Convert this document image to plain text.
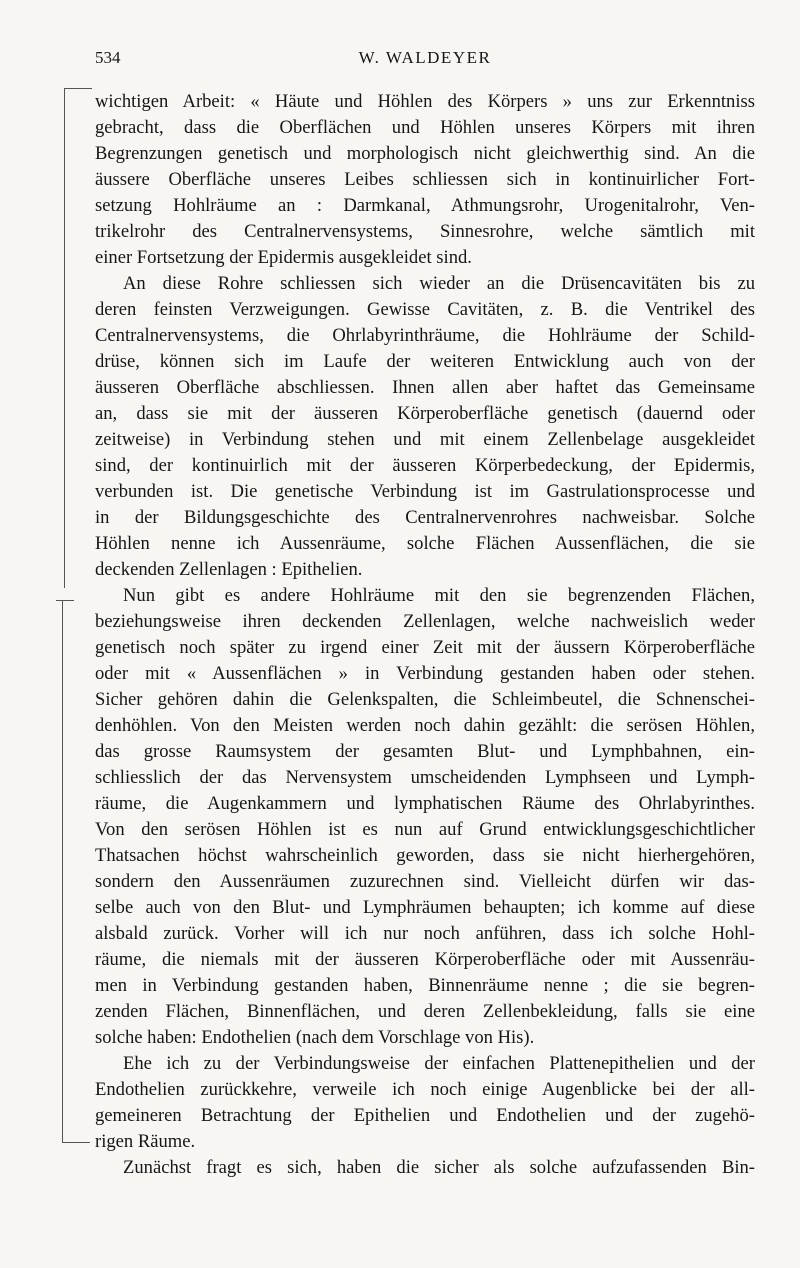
534	W. WALDEYER
wichtigen Arbeit: « Häute und Höhlen des Körpers » uns zur Erkenntniss
gebracht, dass die Oberflächen und Höhlen unseres Körpers mit ihren
Begrenzungen genetisch und morphologisch nicht gleichwerthig sind. An die
äussere Oberfläche unseres Leibes schliessen sich in kontinuirlicher Fort-
setzung Hohlräume an : Darmkanal, Athmungsrohr, Urogenitalrohr, Ven-
trikelrohr des Centralnervensystems, Sinnesrohre, welche sämtlich mit
einer Fortsetzung der Epidermis ausgekleidet sind.
An diese Rohre schliessen sich wieder an die Drüsencavitäten bis zu
deren feinsten Verzweigungen. Gewisse Cavitäten, z. B. die Ventrikel des
Centralnervensystems, die Ohrlabyrinthräume, die Hohlräume der Schild-
drüse, können sich im Laufe der weiteren Entwicklung auch von der
äusseren Oberfläche abschliessen. Ihnen allen aber haftet das Gemeinsame
an, dass sie mit der äusseren Körperoberfläche genetisch (dauernd oder
zeitweise) in Verbindung stehen und mit einem Zellenbelage ausgekleidet
sind, der kontinuirlich mit der äusseren Körperbedeckung, der Epidermis,
verbunden ist. Die genetische Verbindung ist im Gastrulationsprocesse und
in der Bildungsgeschichte des Centralnervenrohres nachweisbar. Solche
Höhlen nenne ich Aussenräume, solche Flächen Aussenflächen, die sie
deckenden Zellenlagen : Epithelien.
Nun gibt es andere Hohlräume mit den sie begrenzenden Flächen,
beziehungsweise ihren deckenden Zellenlagen, welche nachweislich weder
genetisch noch später zu irgend einer Zeit mit der äussern Körperoberfläche
oder mit « Aussenflächen » in Verbindung gestanden haben oder stehen.
Sicher gehören dahin die Gelenkspalten, die Schleimbeutel, die Schnenschei-
denhöhlen. Von den Meisten werden noch dahin gezählt: die serösen Höhlen,
das grosse Raumsystem der gesamten Blut- und Lymphbahnen, ein-
schliesslich der das Nervensystem umscheidenden Lymphseen und Lymph-
räume, die Augenkammern und lymphatischen Räume des Ohrlabyrinthes.
Von den serösen Höhlen ist es nun auf Grund entwicklungsgeschichtlicher
Thatsachen höchst wahrscheinlich geworden, dass sie nicht hierhergehören,
sondern den Aussenräumen zuzurechnen sind. Vielleicht dürfen wir das-
selbe auch von den Blut- und Lymphräumen behaupten; ich komme auf diese
alsbald zurück. Vorher will ich nur noch anführen, dass ich solche Hohl-
räume, die niemals mit der äusseren Körperoberfläche oder mit Aussenräu-
men in Verbindung gestanden haben, Binnenräume nenne ; die sie begren-
zenden Flächen, Binnenflächen, und deren Zellenbekleidung, falls sie eine
solche haben: Endothelien (nach dem Vorschlage von His).
Ehe ich zu der Verbindungsweise der einfachen Plattenepithelien und der
Endothelien zurückkehre, verweile ich noch einige Augenblicke bei der all-
gemeineren Betrachtung der Epithelien und Endothelien und der zugehö-
rigen Räume.
Zunächst fragt es sich, haben die sicher als solche aufzufassenden Bin-
